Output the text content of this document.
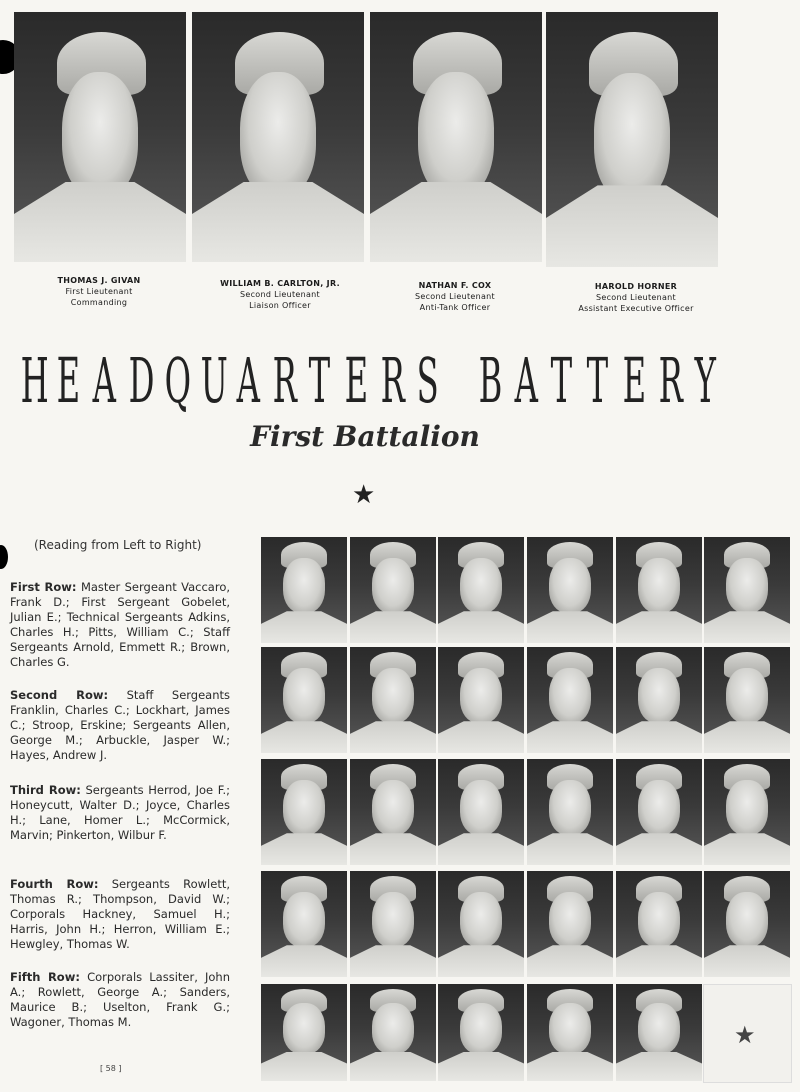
THOMAS J. GIVAN
First Lieutenant
Commanding
WILLIAM B. CARLTON, JR.
Second Lieutenant
Liaison Officer
NATHAN F. COX
Second Lieutenant
Anti-Tank Officer
HAROLD HORNER
Second Lieutenant
Assistant Executive Officer
H E A D Q U A R T E R S B A T T E R Y
First Battalion
★
(Reading from Left to Right)
First Row: Master Sergeant Vaccaro, Frank D.; First Sergeant Gobelet, Julian E.; Technical Sergeants Adkins, Charles H.; Pitts, William C.; Staff Sergeants Arnold, Emmett R.; Brown, Charles G.
Second Row: Staff Sergeants Franklin, Charles C.; Lockhart, James C.; Stroop, Erskine; Sergeants Allen, George M.; Arbuckle, Jasper W.; Hayes, Andrew J.
Third Row: Sergeants Herrod, Joe F.; Honeycutt, Walter D.; Joyce, Charles H.; Lane, Homer L.; McCormick, Marvin; Pinkerton, Wilbur F.
Fourth Row: Sergeants Rowlett, Thomas R.; Thompson, David W.; Corporals Hackney, Samuel H.; Harris, John H.; Herron, William E.; Hewgley, Thomas W.
Fifth Row: Corporals Lassiter, John A.; Rowlett, George A.; Sanders, Maurice B.; Uselton, Frank G.; Wagoner, Thomas M.	★
[ 58 ]
